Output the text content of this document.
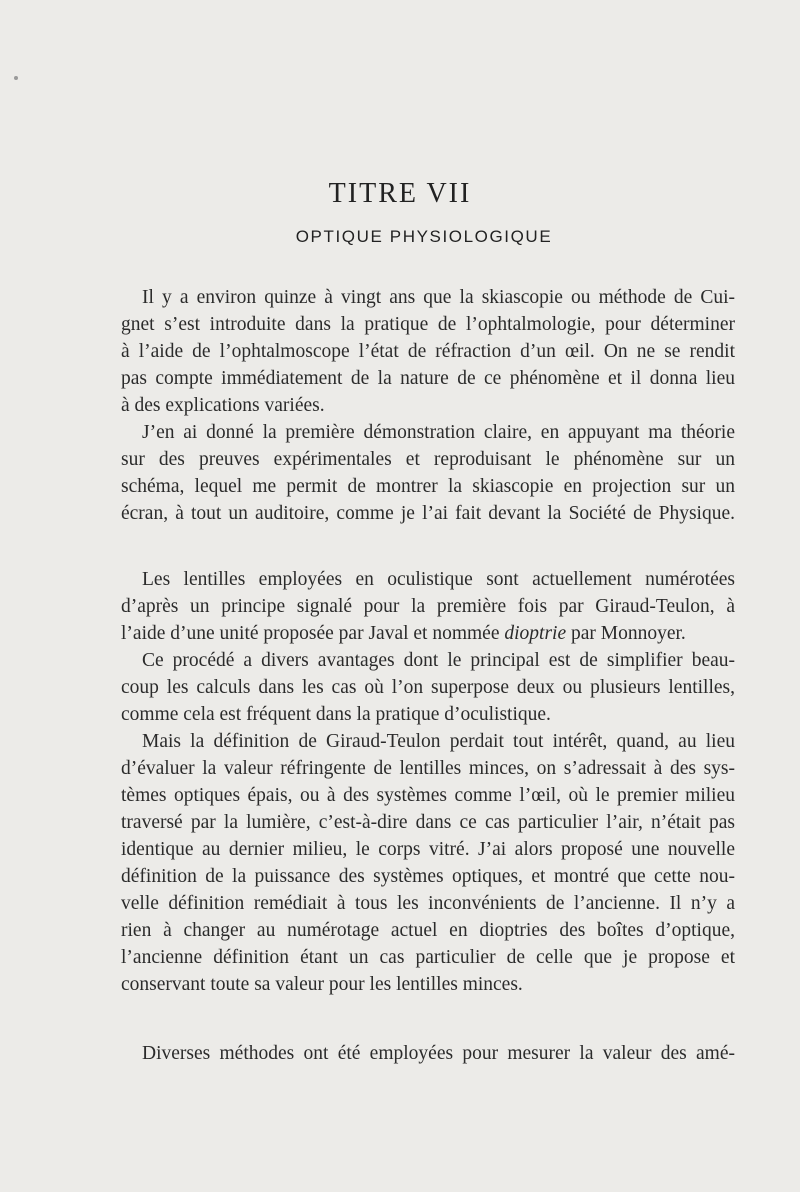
TITRE VII
OPTIQUE PHYSIOLOGIQUE
Il y a environ quinze à vingt ans que la skiascopie ou méthode de Cui-
gnet s’est introduite dans la pratique de l’ophtalmologie, pour déterminer
à l’aide de l’ophtalmoscope l’état de réfraction d’un œil. On ne se rendit
pas compte immédiatement de la nature de ce phénomène et il donna lieu
à des explications variées.
J’en ai donné la première démonstration claire, en appuyant ma théorie
sur des preuves expérimentales et reproduisant le phénomène sur un
schéma, lequel me permit de montrer la skiascopie en projection sur un
écran, à tout un auditoire, comme je l’ai fait devant la Société de Physique.
Les lentilles employées en oculistique sont actuellement numérotées
d’après un principe signalé pour la première fois par Giraud-Teulon, à
l’aide d’une unité proposée par Javal et nommée dioptrie par Monnoyer.
Ce procédé a divers avantages dont le principal est de simplifier beau-
coup les calculs dans les cas où l’on superpose deux ou plusieurs lentilles,
comme cela est fréquent dans la pratique d’oculistique.
Mais la définition de Giraud-Teulon perdait tout intérêt, quand, au lieu
d’évaluer la valeur réfringente de lentilles minces, on s’adressait à des sys-
tèmes optiques épais, ou à des systèmes comme l’œil, où le premier milieu
traversé par la lumière, c’est-à-dire dans ce cas particulier l’air, n’était pas
identique au dernier milieu, le corps vitré. J’ai alors proposé une nouvelle
définition de la puissance des systèmes optiques, et montré que cette nou-
velle définition remédiait à tous les inconvénients de l’ancienne. Il n’y a
rien à changer au numérotage actuel en dioptries des boîtes d’optique,
l’ancienne définition étant un cas particulier de celle que je propose et
conservant toute sa valeur pour les lentilles minces.
Diverses méthodes ont été employées pour mesurer la valeur des amé-
